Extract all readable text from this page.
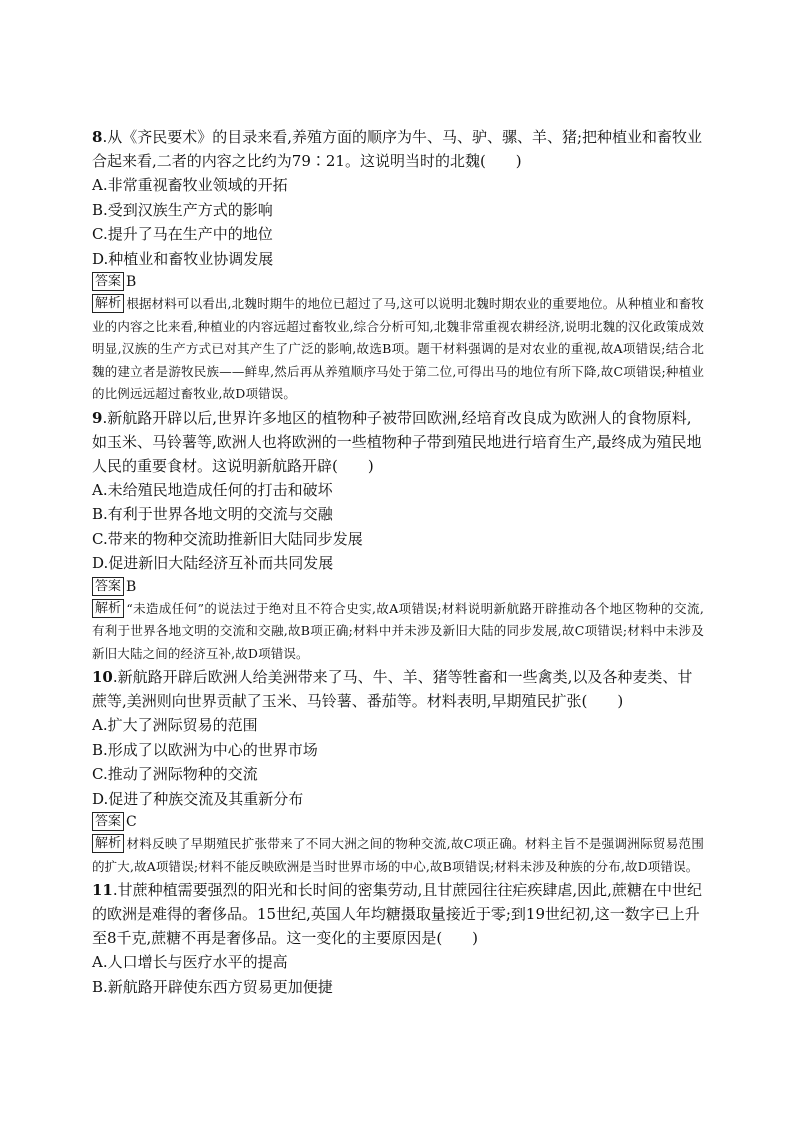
8.从《齐民要术》的目录来看,养殖方面的顺序为牛、马、驴、骡、羊、猪;把种植业和畜牧业合起来看,二者的内容之比约为79∶21。这说明当时的北魏(　　)

A.非常重视畜牧业领域的开拓

B.受到汉族生产方式的影响

C.提升了马在生产中的地位

D.种植业和畜牧业协调发展

答案 B

解析 根据材料可以看出,北魏时期牛的地位已超过了马,这可以说明北魏时期农业的重要地位。从种植业和畜牧业的内容之比来看,种植业的内容远超过畜牧业,综合分析可知,北魏非常重视农耕经济,说明北魏的汉化政策成效明显,汉族的生产方式已对其产生了广泛的影响,故选B项。题干材料强调的是对农业的重视,故A项错误;结合北魏的建立者是游牧民族——鲜卑,然后再从养殖顺序马处于第二位,可得出马的地位有所下降,故C项错误;种植业的比例远远超过畜牧业,故D项错误。

9.新航路开辟以后,世界许多地区的植物种子被带回欧洲,经培育改良成为欧洲人的食物原料,如玉米、马铃薯等,欧洲人也将欧洲的一些植物种子带到殖民地进行培育生产,最终成为殖民地人民的重要食材。这说明新航路开辟(　　)

A.未给殖民地造成任何的打击和破坏

B.有利于世界各地文明的交流与交融

C.带来的物种交流助推新旧大陆同步发展

D.促进新旧大陆经济互补而共同发展

答案 B

解析 “未造成任何”的说法过于绝对且不符合史实,故A项错误;材料说明新航路开辟推动各个地区物种的交流,有利于世界各地文明的交流和交融,故B项正确;材料中并未涉及新旧大陆的同步发展,故C项错误;材料中未涉及新旧大陆之间的经济互补,故D项错误。

10.新航路开辟后欧洲人给美洲带来了马、牛、羊、猪等牲畜和一些禽类,以及各种麦类、甘蔗等,美洲则向世界贡献了玉米、马铃薯、番茄等。材料表明,早期殖民扩张(　　)

A.扩大了洲际贸易的范围

B.形成了以欧洲为中心的世界市场

C.推动了洲际物种的交流

D.促进了种族交流及其重新分布

答案 C

解析 材料反映了早期殖民扩张带来了不同大洲之间的物种交流,故C项正确。材料主旨不是强调洲际贸易范围的扩大,故A项错误;材料不能反映欧洲是当时世界市场的中心,故B项错误;材料未涉及种族的分布,故D项错误。

11.甘蔗种植需要强烈的阳光和长时间的密集劳动,且甘蔗园往往疟疾肆虐,因此,蔗糖在中世纪的欧洲是难得的奢侈品。15世纪,英国人年均糖摄取量接近于零;到19世纪初,这一数字已上升至8千克,蔗糖不再是奢侈品。这一变化的主要原因是(　　)

A.人口增长与医疗水平的提高

B.新航路开辟使东西方贸易更加便捷
